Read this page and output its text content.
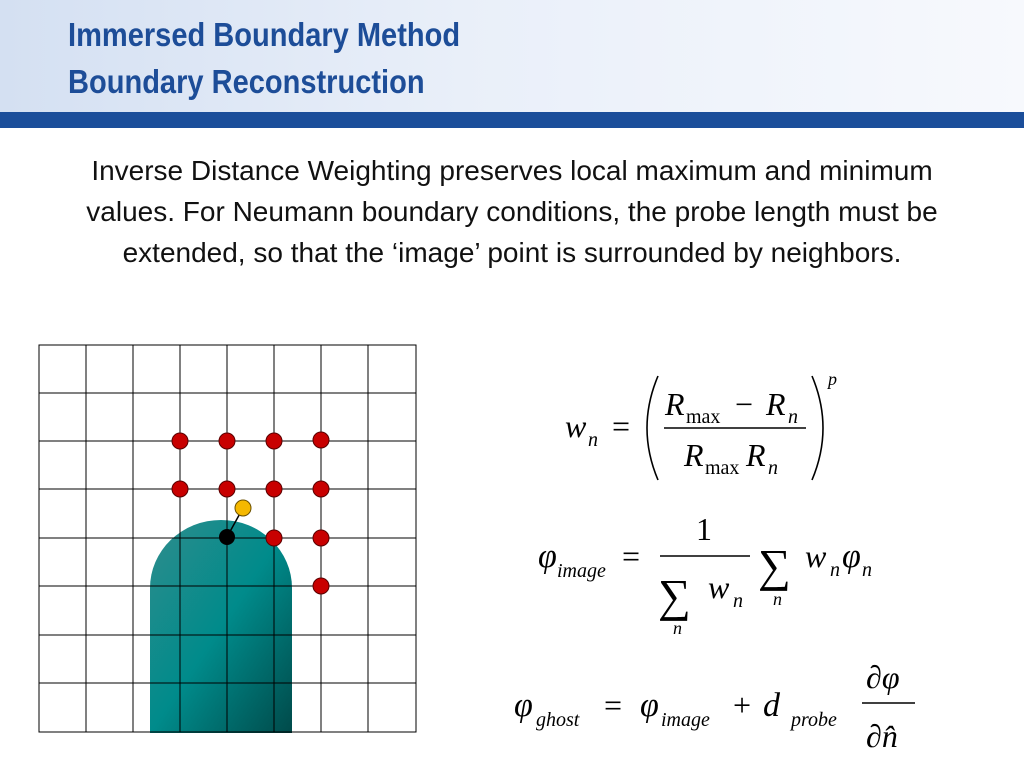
Immersed Boundary Method
Boundary Reconstruction
Inverse Distance Weighting preserves local maximum and minimum values. For Neumann boundary conditions, the probe length must be extended, so that the ‘image’ point is surrounded by neighbors.
w n =
R max − R n
R max R n
p
φ image =
1
∑
n
w n
∑
n
w n φ n
φ ghost = φ image + d probe
∂φ
∂n̂
